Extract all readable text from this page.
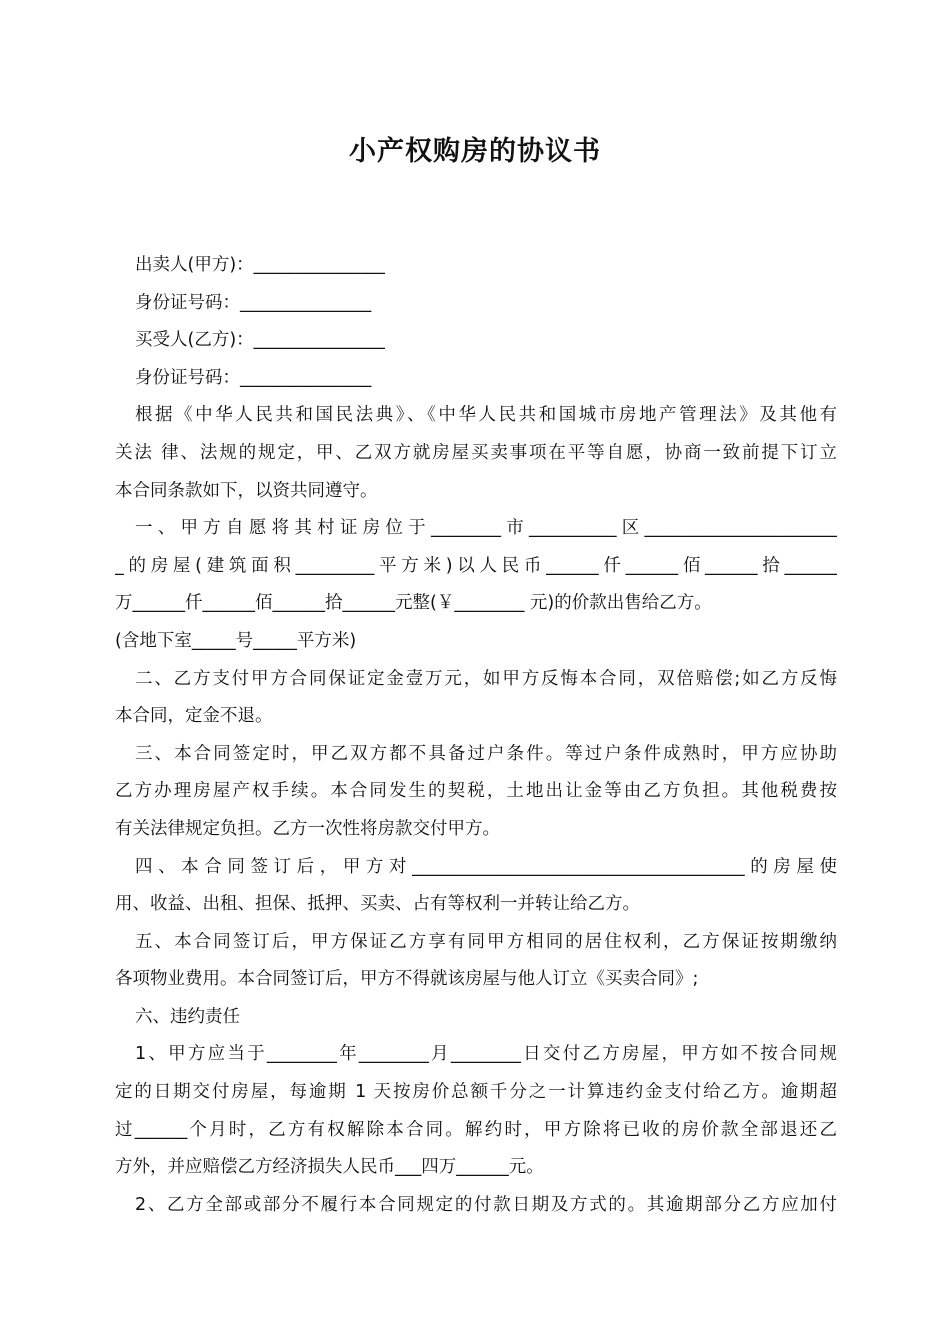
小产权购房的协议书
出卖人(甲方)：_______________
身份证号码：_______________
买受人(乙方)：_______________
身份证号码：_______________
根据《中华人民共和国民法典》、《中华人民共和国城市房地产管理法》及其他有
关法 律、法规的规定，甲、乙双方就房屋买卖事项在平等自愿，协商一致前提下订立
本合同条款如下，以资共同遵守。
一、甲方自愿将其村证房位于________市__________区______________________
_的房屋(建筑面积_________平方米)以人民币______仟______佰______拾______
万______仟______佰______拾______元整(￥________ 元)的价款出售给乙方。
(含地下室_____号_____平方米)
二、乙方支付甲方合同保证定金壹万元，如甲方反悔本合同，双倍赔偿;如乙方反悔
本合同，定金不退。
三、本合同签定时，甲乙双方都不具备过户条件。等过户条件成熟时，甲方应协助
乙方办理房屋产权手续。本合同发生的契税，土地出让金等由乙方负担。其他税费按
有关法律规定负担。乙方一次性将房款交付甲方。
四、本合同签订后，甲方对______________________________________的房屋使
用、收益、出租、担保、抵押、买卖、占有等权利一并转让给乙方。
五、本合同签订后，甲方保证乙方享有同甲方相同的居住权利，乙方保证按期缴纳
各项物业费用。本合同签订后，甲方不得就该房屋与他人订立《买卖合同》;
六、违约责任
1、甲方应当于________年________月________日交付乙方房屋，甲方如不按合同规
定的日期交付房屋，每逾期 1 天按房价总额千分之一计算违约金支付给乙方。逾期超
过______个月时，乙方有权解除本合同。解约时，甲方除将已收的房价款全部退还乙
方外，并应赔偿乙方经济损失人民币___四万______元。
2、乙方全部或部分不履行本合同规定的付款日期及方式的。其逾期部分乙方应加付
